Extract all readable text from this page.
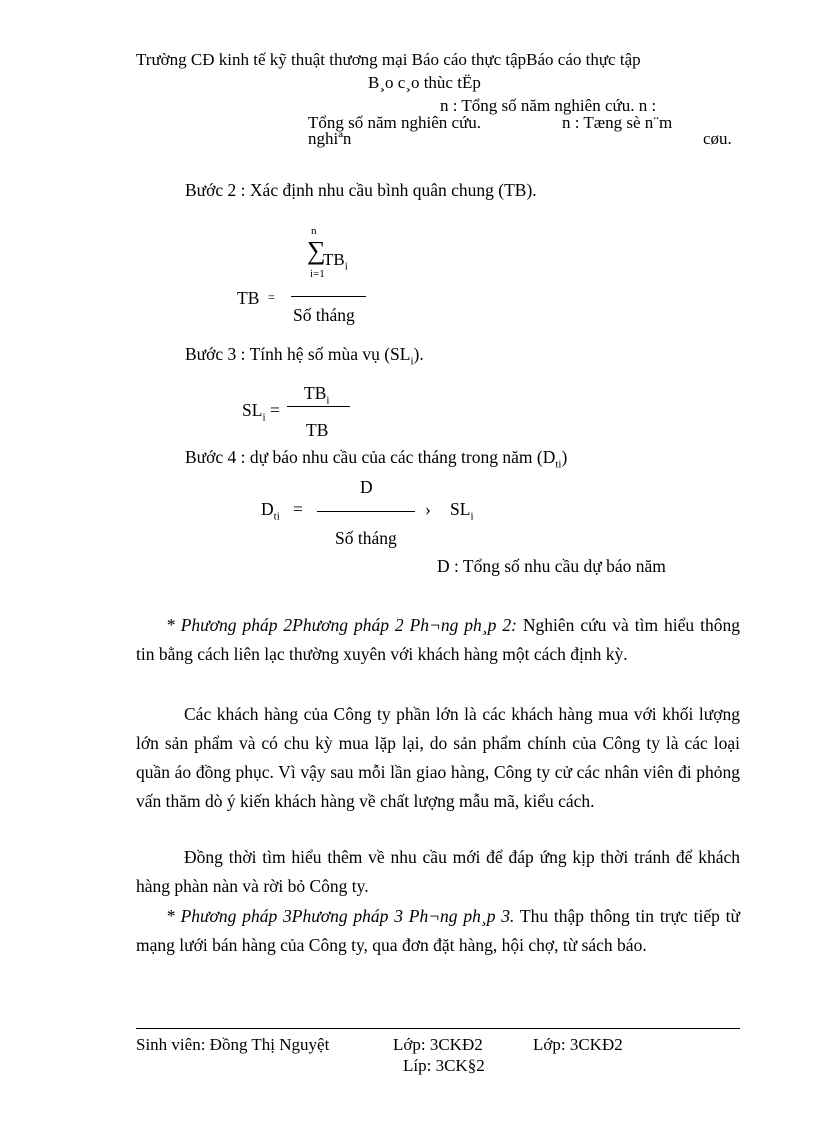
Trường CĐ kinh tế kỹ thuật thương mại Báo cáo thực tậpBáo cáo thực tập
B¸o c¸o thùc tËp
n : Tổng số năm nghiên cứu. n :
Tổng số năm nghiên cứu.	n : Tæng sè n¨m
nghiªn	cøu.
Bước 2 : Xác định nhu cầu bình quân chung (TB).
n
∑
$TB_i$
i=1
TB =
Số tháng
Bước 3 : Tính hệ số mùa vụ $(SL_i)$.
$TB_i$
$SL_i$ =
TB
Bước 4 : dự báo nhu cầu của các tháng trong năm $(D_{ti})$
D
$D_{ti}$ =	› $SL_i$
Số tháng
D : Tổng số nhu cầu dự báo năm
* Phương pháp 2Phương pháp 2 Ph¬ng ph¸p 2: Nghiên cứu và tìm hiểu thông tin bằng cách liên lạc thường xuyên với khách hàng một cách định kỳ.
Các khách hàng của Công ty phần lớn là các khách hàng mua với khối lượng lớn sản phẩm và có chu kỳ mua lặp lại, do sản phẩm chính của Công ty là các loại quần áo đồng phục. Vì vậy sau mỗi lần giao hàng, Công ty cử các nhân viên đi phỏng vấn thăm dò ý kiến khách hàng về chất lượng mẫu mã, kiểu cách.
Đồng thời tìm hiểu thêm về nhu cầu mới để đáp ứng kịp thời tránh để khách hàng phàn nàn và rời bỏ Công ty.
* Phương pháp 3Phương pháp 3 Ph¬ng ph¸p 3. Thu thập thông tin trực tiếp từ mạng lưới bán hàng của Công ty, qua đơn đặt hàng, hội chợ, từ sách báo.
Sinh viên: Đồng Thị Nguyệt	Lớp: 3CKĐ2	Lớp: 3CKĐ2
Líp: 3CK§2
